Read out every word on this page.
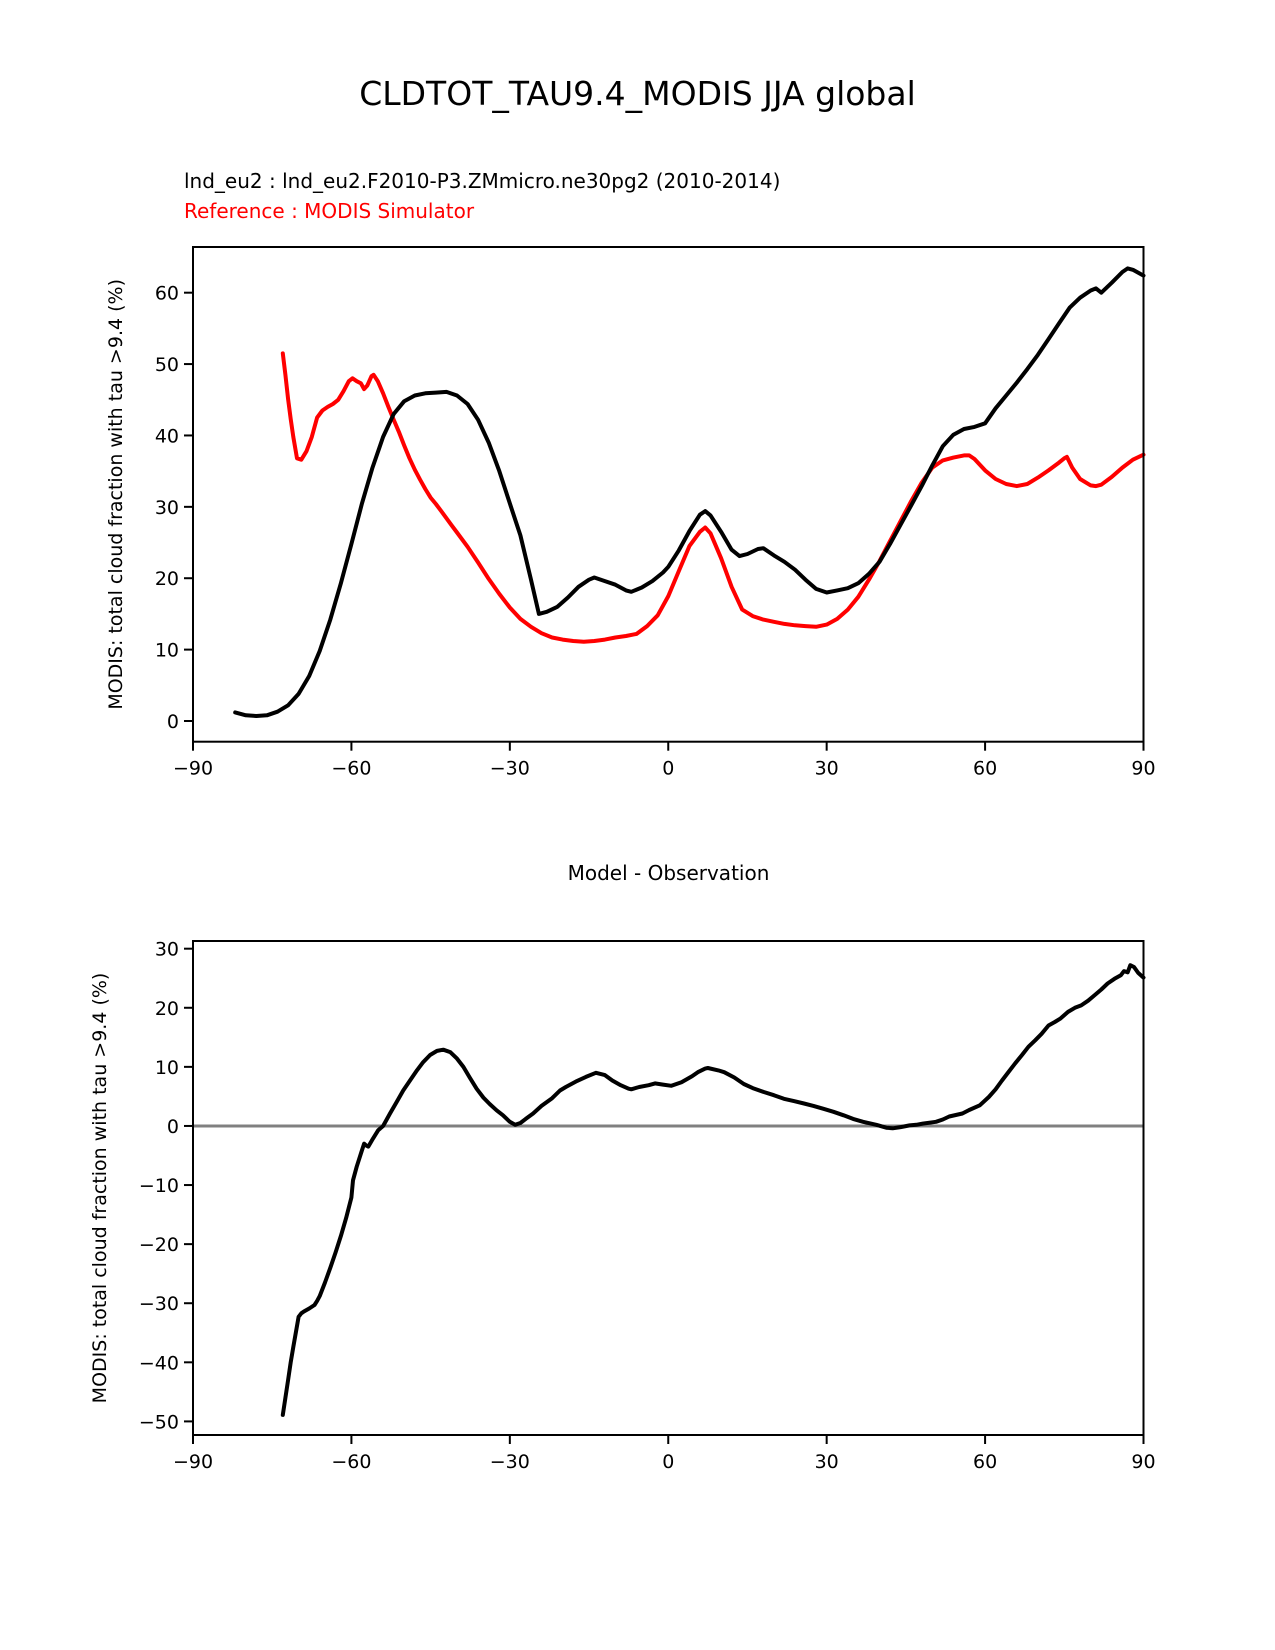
CLDTOT_TAU9.4_MODIS JJA global
lnd_eu2 : lnd_eu2.F2010-P3.ZMmicro.ne30pg2 (2010-2014)
Reference : MODIS Simulator
Model - Observation
−90	−60	−30	0	30	60	90
0
10
20
30
40
50
60
MODIS: total cloud fraction with tau >9.4 (%)
−90	−60	−30	0	30	60	90
−50
−40
−30
−20
−10
0
10
20
30
MODIS: total cloud fraction with tau >9.4 (%)
